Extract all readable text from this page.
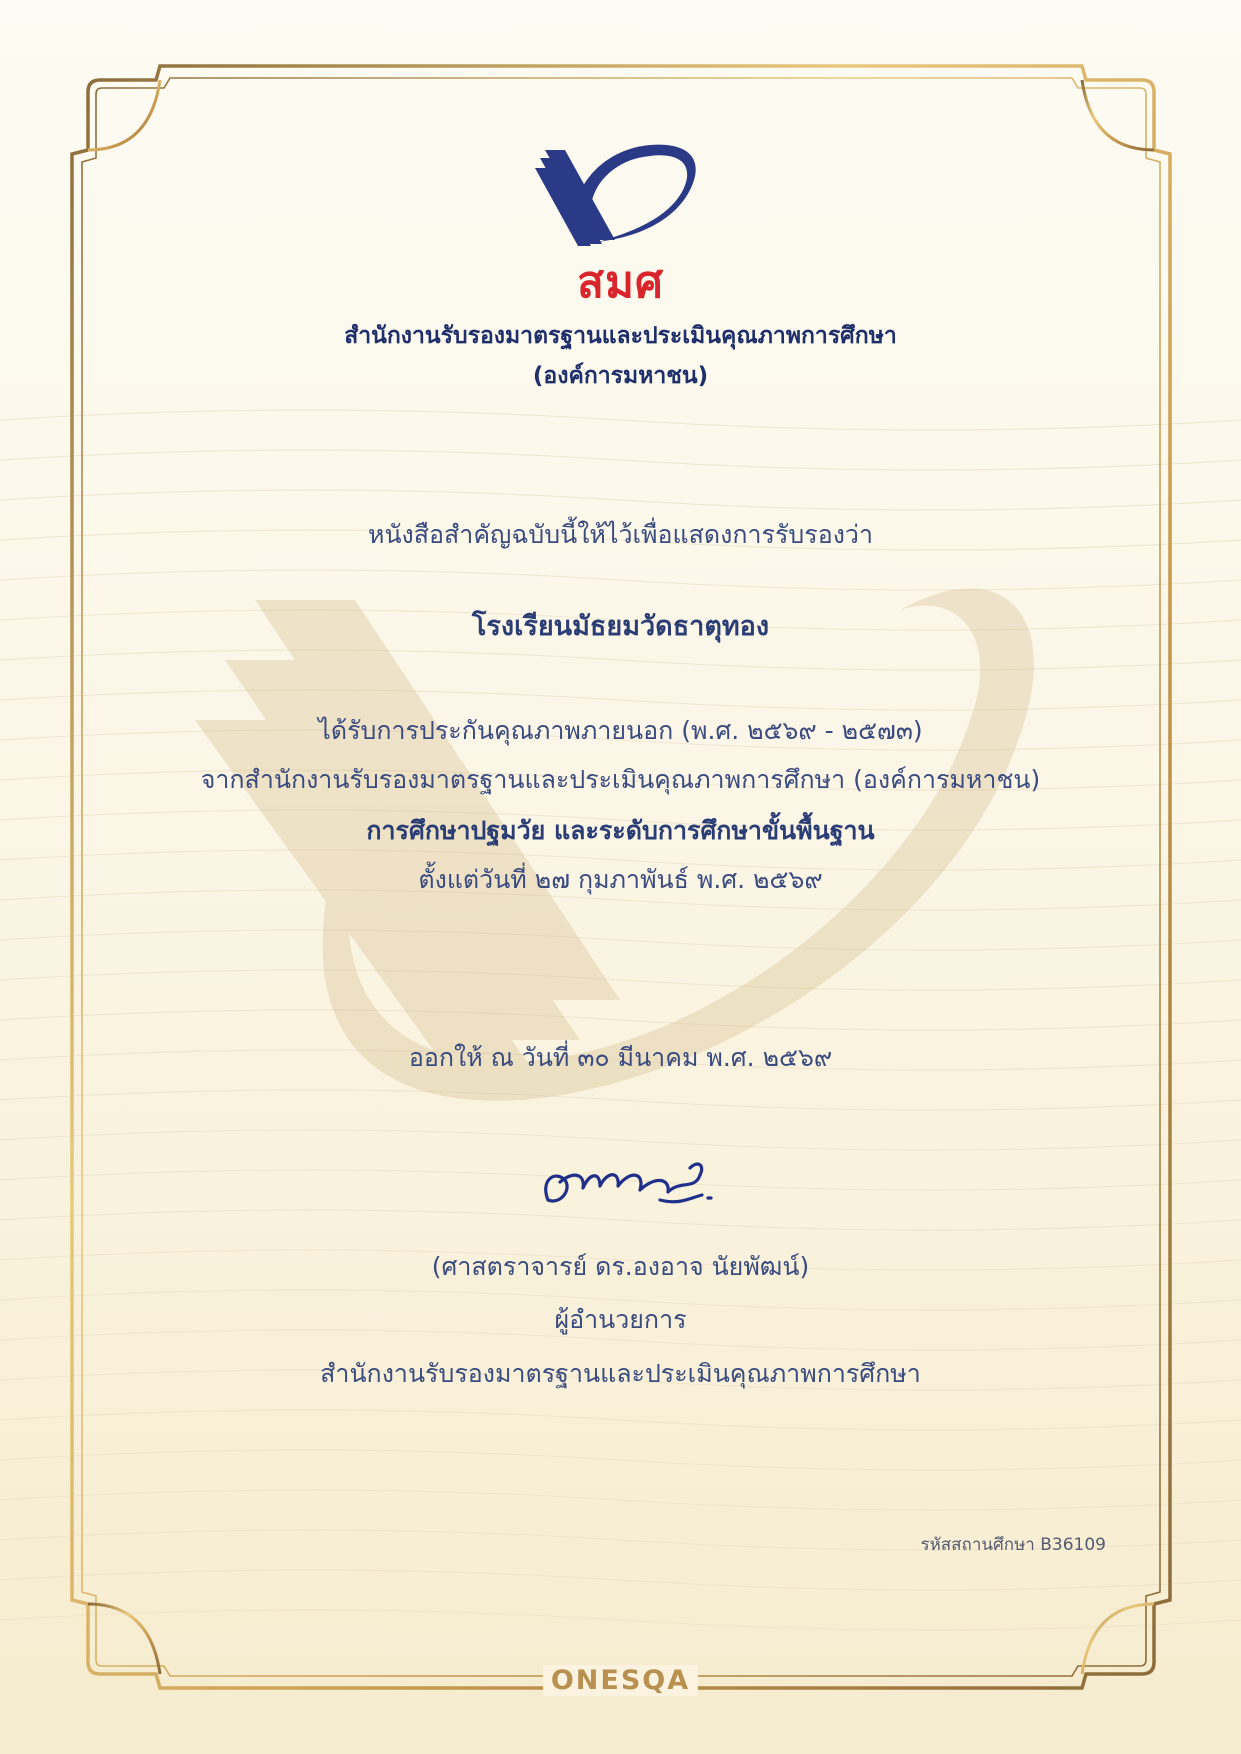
สมศ
สำนักงานรับรองมาตรฐานและประเมินคุณภาพการศึกษา
(องค์การมหาชน)
หนังสือสำคัญฉบับนี้ให้ไว้เพื่อแสดงการรับรองว่า
โรงเรียนมัธยมวัดธาตุทอง
ได้รับการประกันคุณภาพภายนอก (พ.ศ. ๒๕๖๙ - ๒๕๗๓)
จากสำนักงานรับรองมาตรฐานและประเมินคุณภาพการศึกษา (องค์การมหาชน)
การศึกษาปฐมวัย และระดับการศึกษาขั้นพื้นฐาน
ตั้งแต่วันที่ ๒๗ กุมภาพันธ์ พ.ศ. ๒๕๖๙
ออกให้ ณ วันที่ ๓๐ มีนาคม พ.ศ. ๒๕๖๙
(ศาสตราจารย์ ดร.องอาจ นัยพัฒน์)
ผู้อำนวยการ
สำนักงานรับรองมาตรฐานและประเมินคุณภาพการศึกษา
รหัสสถานศึกษา B36109
ONESQA
